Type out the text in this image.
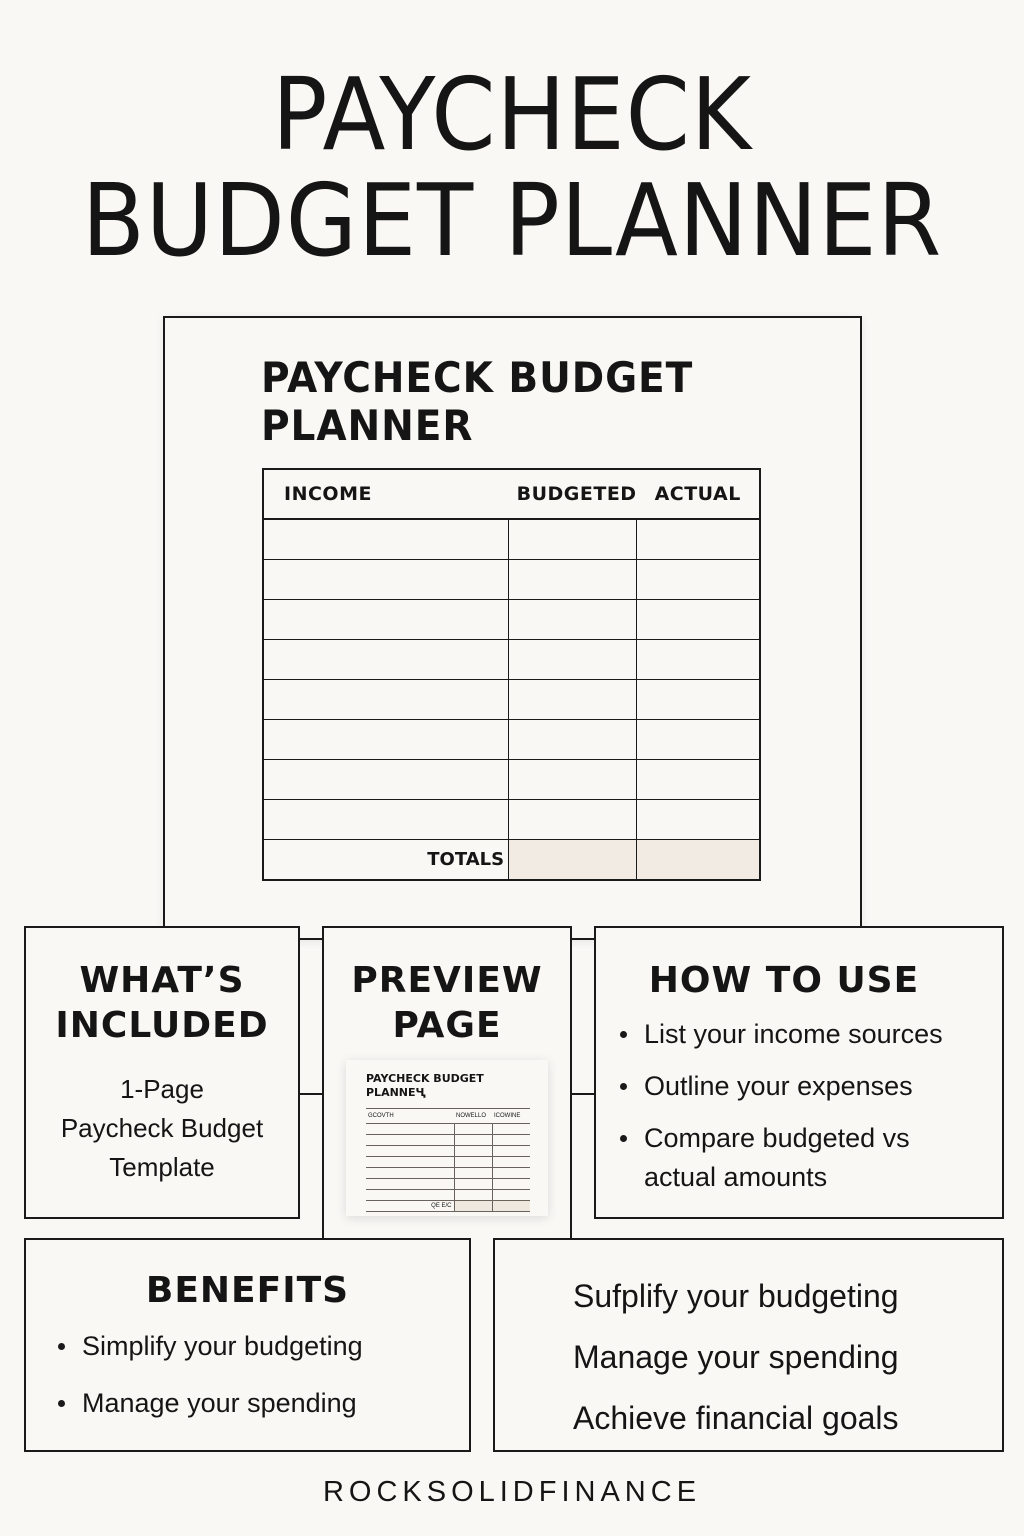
PAYCHECK
BUDGET PLANNER
PAYCHECK BUDGET
PLANNER
INCOME	BUDGETED	ACTUAL

TOTALS		
WHAT’S
INCLUDED
1-Page
Paycheck Budget
Template
PREVIEW
PAGE
PAYCHECK BUDGET
PLANNEҶ
GCOVTH	NOWELLO	ICOWINE

QE E/C		
HOW TO USE
List your income sources
Outline your expenses
Compare budgeted vs actual amounts
BENEFITS
Simplify your budgeting
Manage your spending
Sufplify your budgeting
Manage your spending
Achieve financial goals
ROCKSOLIDFINANCE
